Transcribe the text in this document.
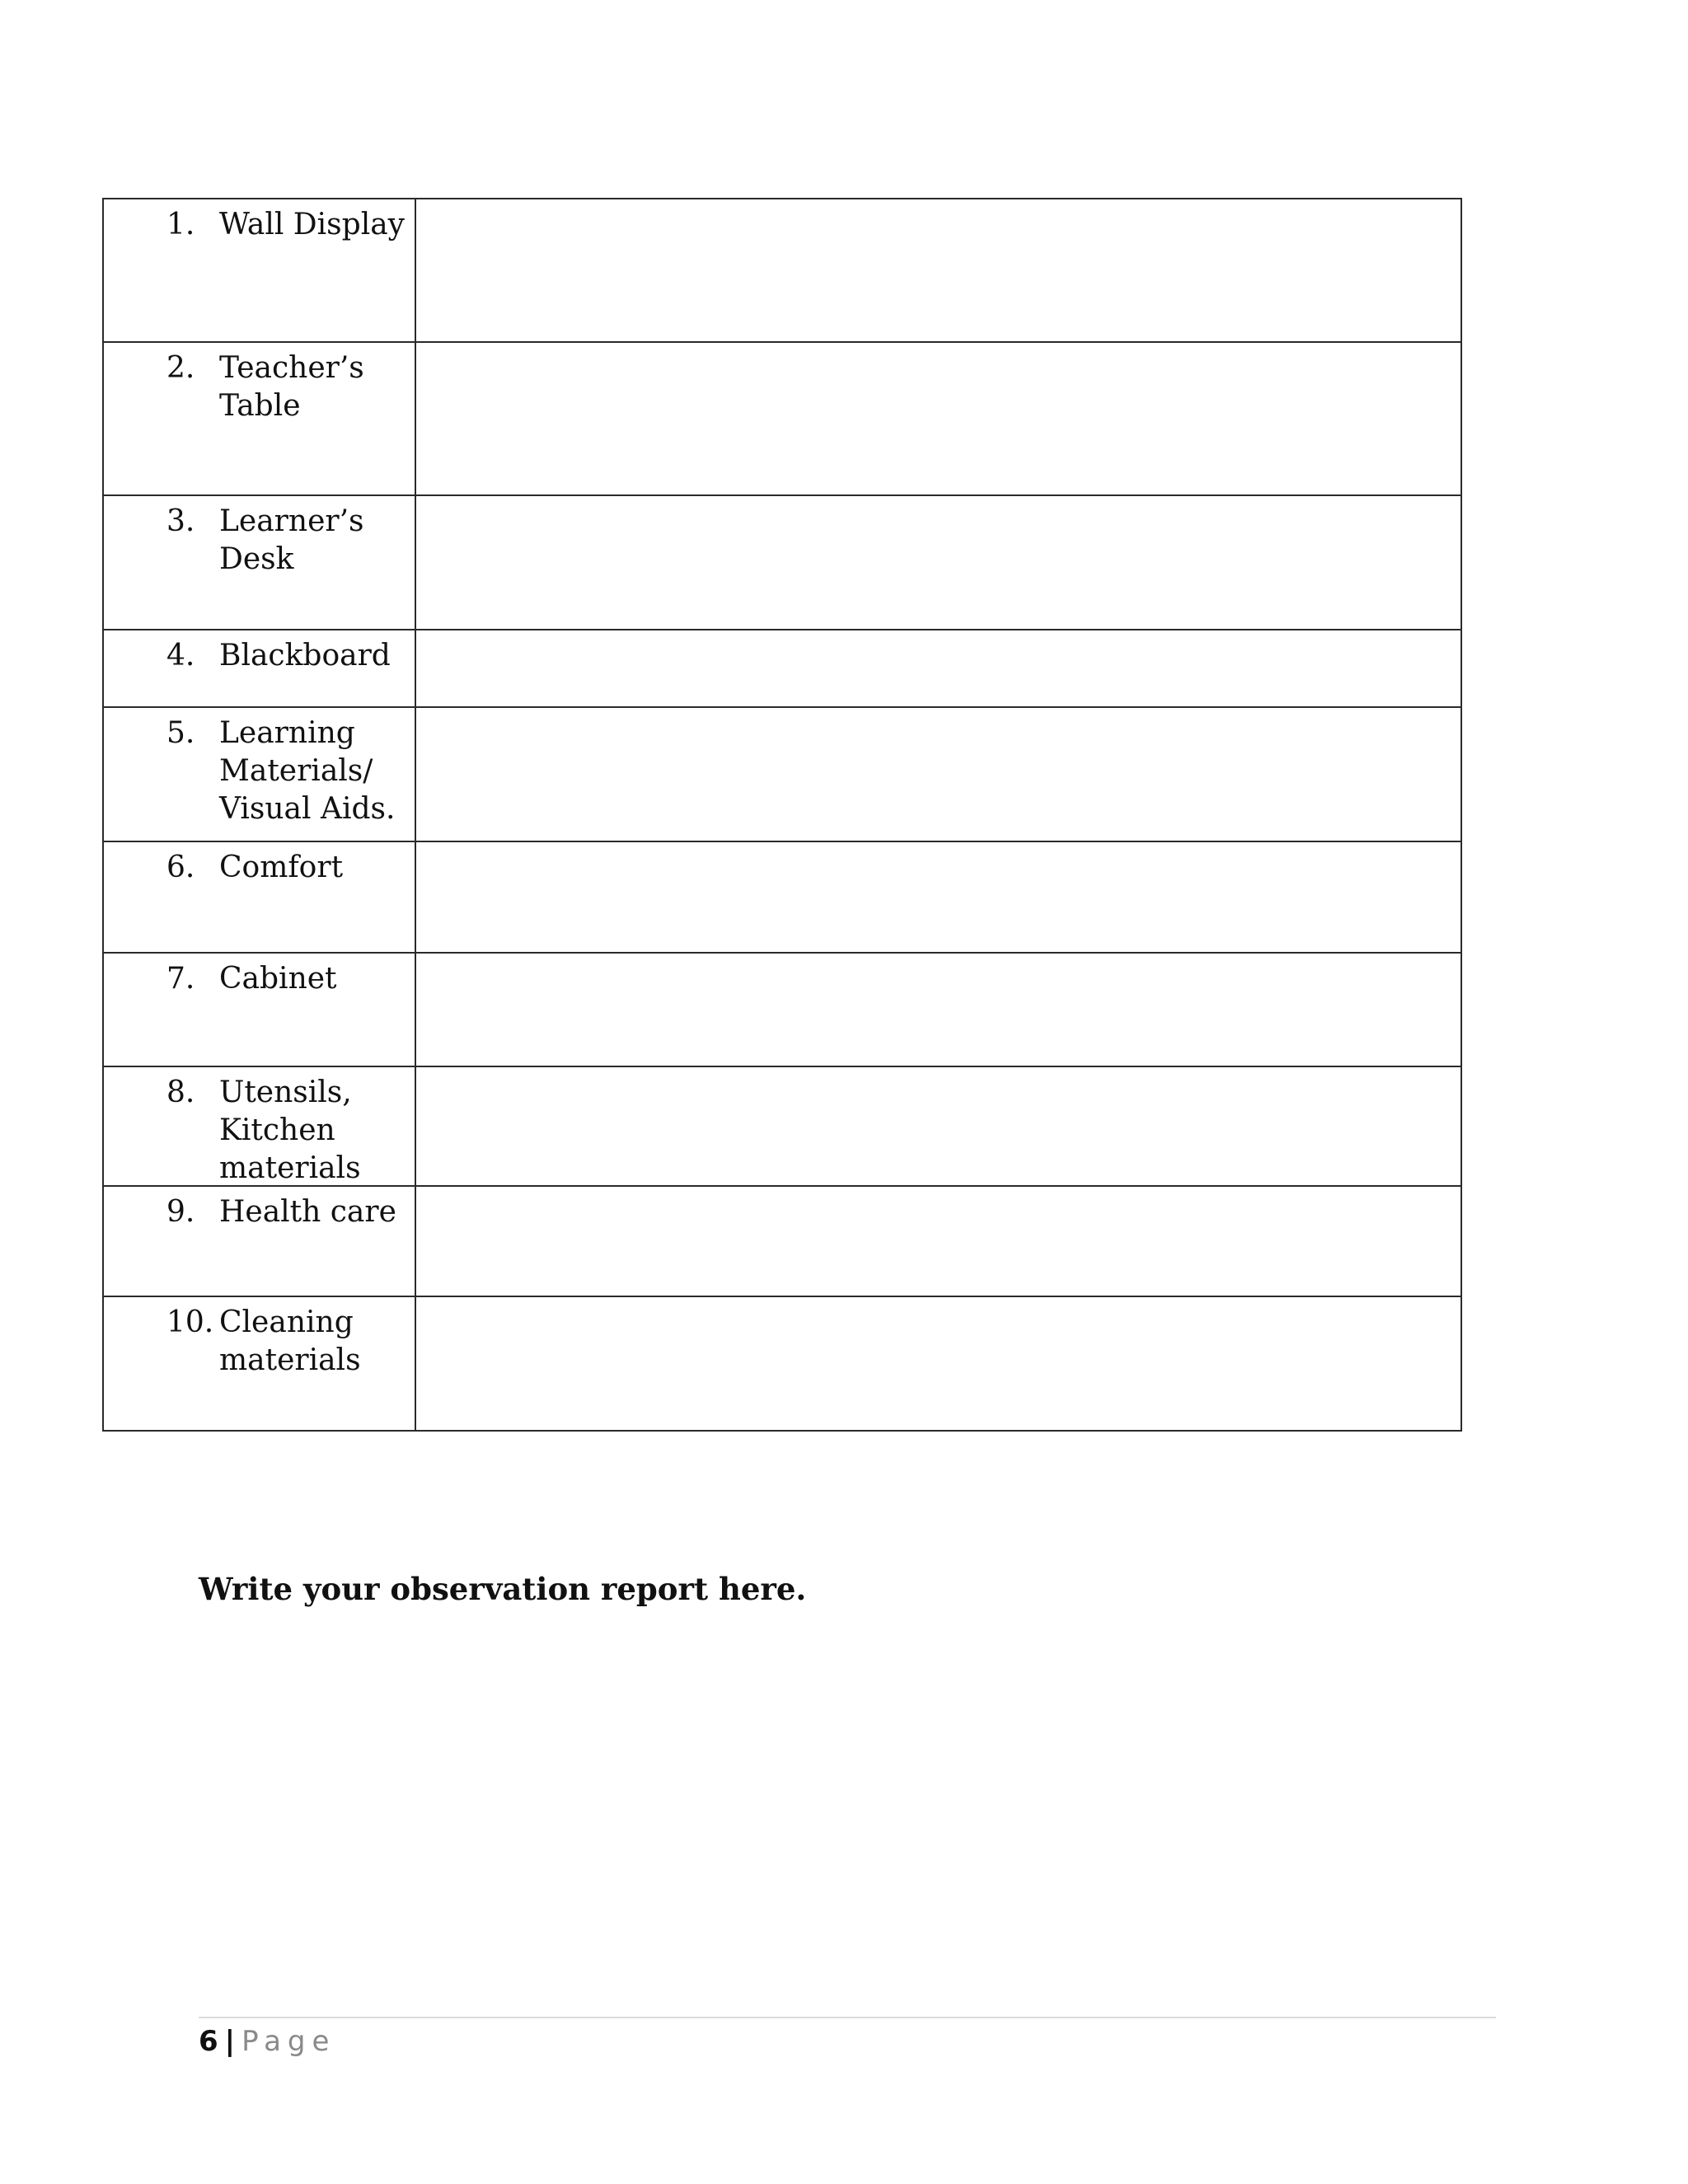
1. Wall Display	

2. Teacher’s
Table	

3. Learner’s
Desk	

4. Blackboard	

5. Learning
Materials/
Visual Aids.	

6. Comfort	

7. Cabinet	

8. Utensils,
Kitchen
materials	

9. Health care	

10. Cleaning
materials	

Write your observation report here.
6 | Page
